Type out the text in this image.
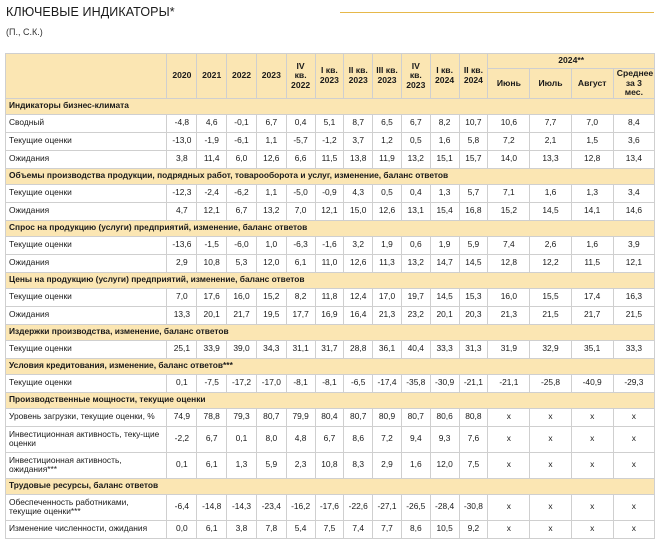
КЛЮЧЕВЫЕ ИНДИКАТОРЫ*
(П., С.К.)
	2020	2021	2022	2023	IV кв. 2022	I кв. 2023	II кв. 2023	III кв. 2023	IV кв. 2023	I кв. 2024	II кв. 2024	2024**			
												Июнь	Июль	Август	Среднее за 3 мес.
Индикаторы бизнес-климата															
Сводный	-4,8	4,6	-0,1	6,7	0,4	5,1	8,7	6,5	6,7	8,2	10,7	10,6	7,7	7,0	8,4
Текущие оценки	-13,0	-1,9	-6,1	1,1	-5,7	-1,2	3,7	1,2	0,5	1,6	5,8	7,2	2,1	1,5	3,6
Ожидания	3,8	11,4	6,0	12,6	6,6	11,5	13,8	11,9	13,2	15,1	15,7	14,0	13,3	12,8	13,4
Объемы производства продукции, подрядных работ, товарооборота и услуг, изменение, баланс ответов															
Текущие оценки	-12,3	-2,4	-6,2	1,1	-5,0	-0,9	4,3	0,5	0,4	1,3	5,7	7,1	1,6	1,3	3,4
Ожидания	4,7	12,1	6,7	13,2	7,0	12,1	15,0	12,6	13,1	15,4	16,8	15,2	14,5	14,1	14,6
Спрос на продукцию (услуги) предприятий, изменение, баланс ответов															
Текущие оценки	-13,6	-1,5	-6,0	1,0	-6,3	-1,6	3,2	1,9	0,6	1,9	5,9	7,4	2,6	1,6	3,9
Ожидания	2,9	10,8	5,3	12,0	6,1	11,0	12,6	11,3	13,2	14,7	14,5	12,8	12,2	11,5	12,1
Цены на продукцию (услуги) предприятий, изменение, баланс ответов															
Текущие оценки	7,0	17,6	16,0	15,2	8,2	11,8	12,4	17,0	19,7	14,5	15,3	16,0	15,5	17,4	16,3
Ожидания	13,3	20,1	21,7	19,5	17,7	16,9	16,4	21,3	23,2	20,1	20,3	21,3	21,5	21,7	21,5
Издержки производства, изменение, баланс ответов															
Текущие оценки	25,1	33,9	39,0	34,3	31,1	31,7	28,8	36,1	40,4	33,3	31,3	31,9	32,9	35,1	33,3
Условия кредитования, изменение, баланс ответов***															
Текущие оценки	0,1	-7,5	-17,2	-17,0	-8,1	-8,1	-6,5	-17,4	-35,8	-30,9	-21,1	-21,1	-25,8	-40,9	-29,3
Производственные мощности, текущие оценки															
Уровень загрузки, текущие оценки, %	74,9	78,8	79,3	80,7	79,9	80,4	80,7	80,9	80,7	80,6	80,8	x	x	x	x
Инвестиционная активность, теку-щие оценки	-2,2	6,7	0,1	8,0	4,8	6,7	8,6	7,2	9,4	9,3	7,6	x	x	x	x
Инвестиционная активность, ожидания***	0,1	6,1	1,3	5,9	2,3	10,8	8,3	2,9	1,6	12,0	7,5	x	x	x	x
Трудовые ресурсы, баланс ответов															
Обеспеченность работниками, текущие оценки***	-6,4	-14,8	-14,3	-23,4	-16,2	-17,6	-22,6	-27,1	-26,5	-28,4	-30,8	x	x	x	x
Изменение численности, ожидания	0,0	6,1	3,8	7,8	5,4	7,5	7,4	7,7	8,6	10,5	9,2	x	x	x	x
